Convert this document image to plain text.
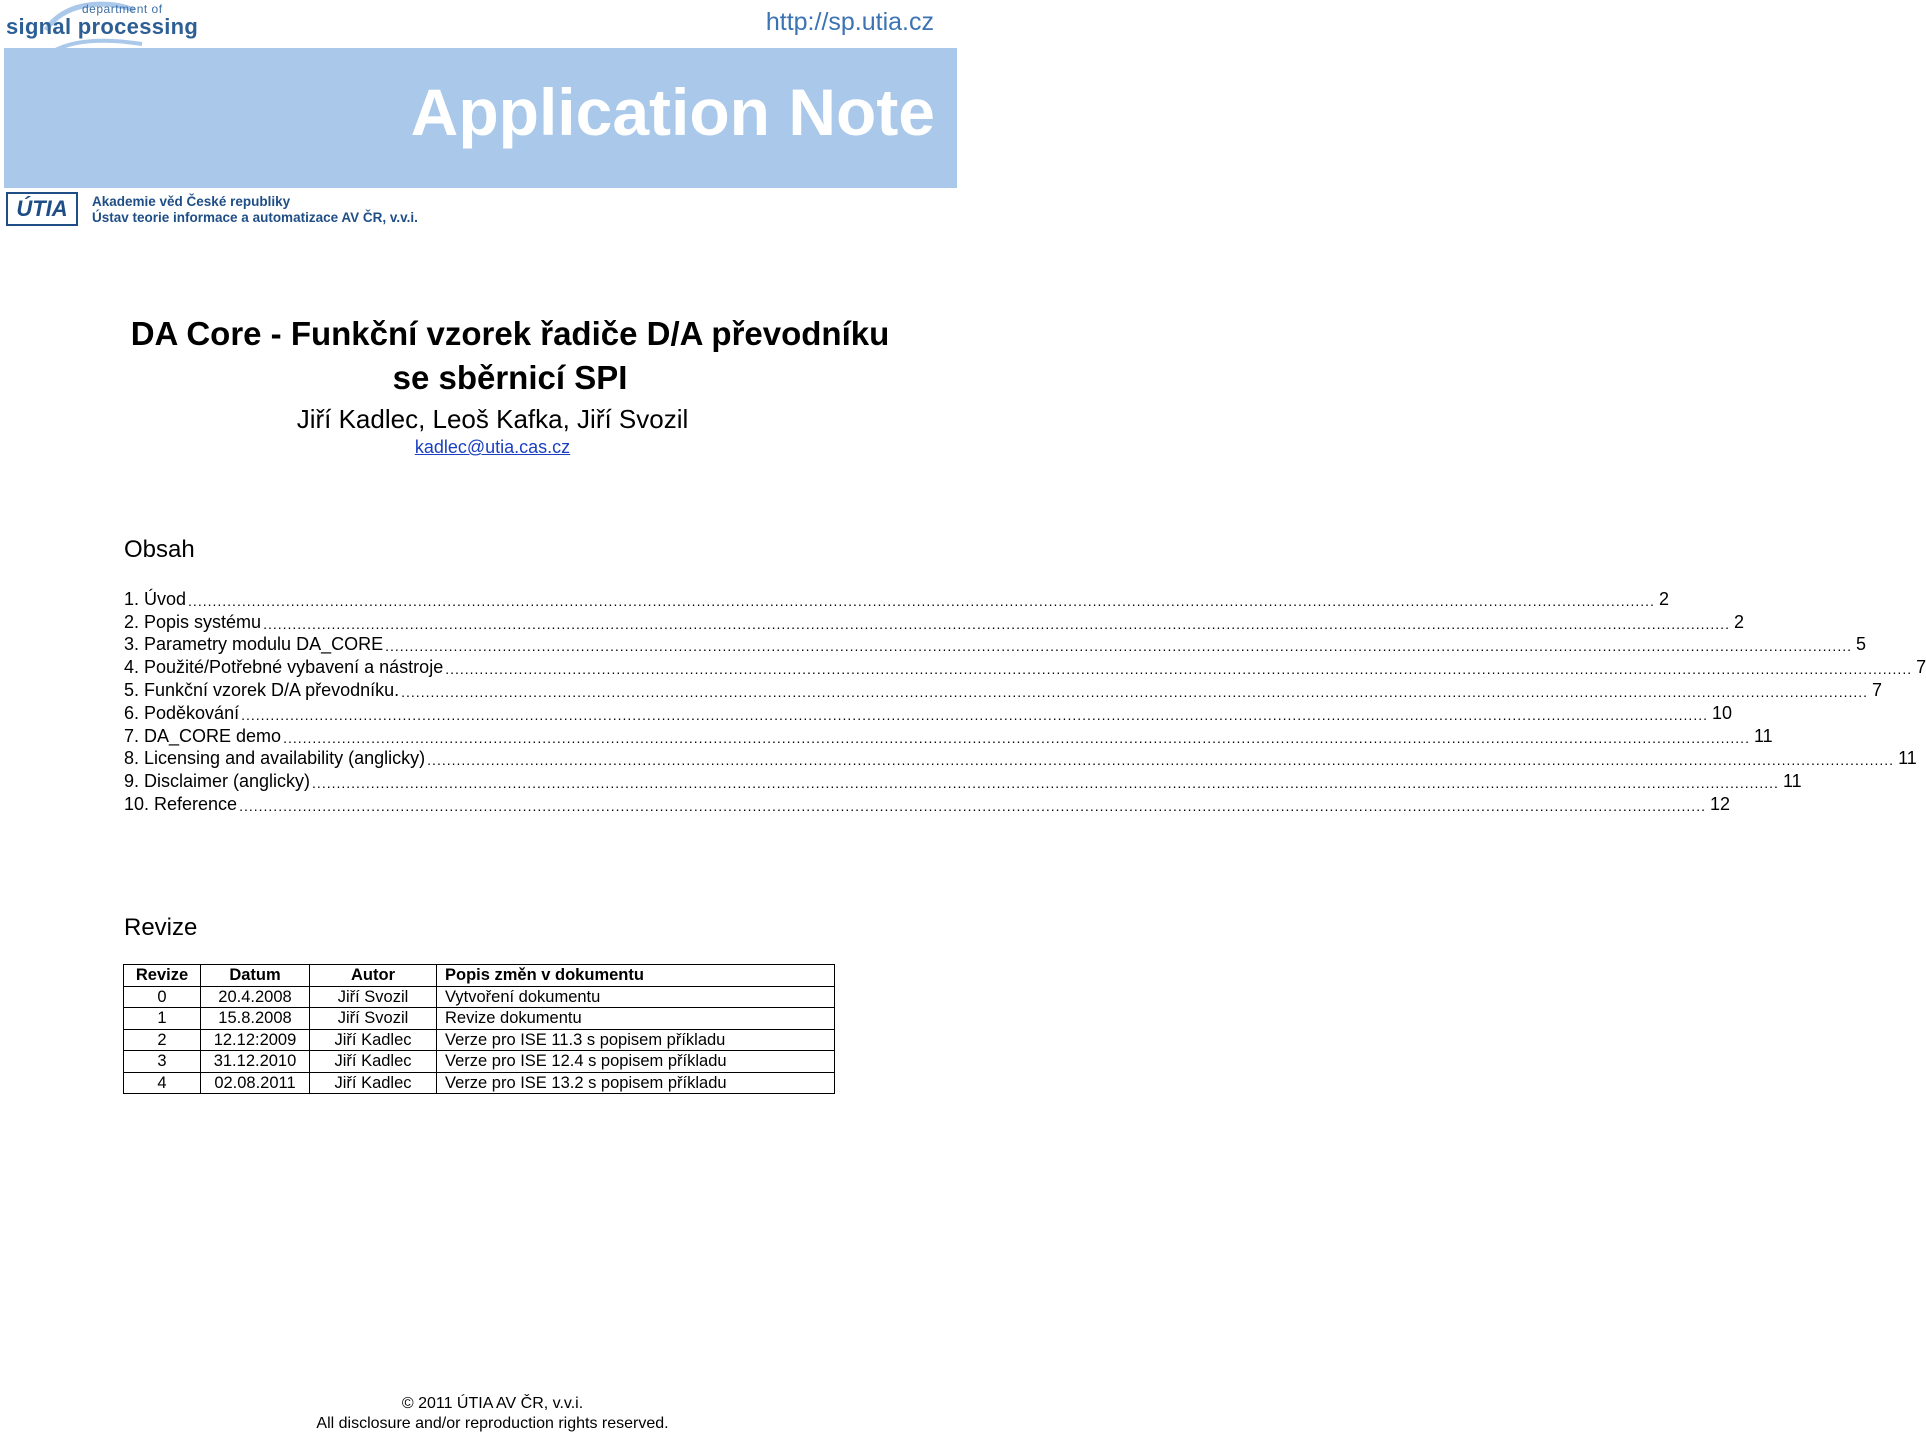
department of
signal processing	http://sp.utia.cz
Application Note
ÚTIA	Akademie věd České republiky
Ústav teorie informace a automatizace AV ČR, v.v.i.
DA Core - Funkční vzorek řadiče D/A převodníku
se sběrnicí SPI
Jiří Kadlec, Leoš Kafka, Jiří Svozil
kadlec@utia.cas.cz
Obsah
1. Úvod ............................................................................................................................................................................................................................................................................................................ 2
2. Popis systému ............................................................................................................................................................................................................................................................................................................ 2
3. Parametry modulu DA_CORE ............................................................................................................................................................................................................................................................................................................ 5
4. Použité/Potřebné vybavení a nástroje ............................................................................................................................................................................................................................................................................................................ 7
5. Funkční vzorek D/A převodníku. ............................................................................................................................................................................................................................................................................................................ 7
6. Poděkování ............................................................................................................................................................................................................................................................................................................ 10
7. DA_CORE demo ............................................................................................................................................................................................................................................................................................................ 11
8. Licensing and availability (anglicky) ............................................................................................................................................................................................................................................................................................................ 11
9. Disclaimer (anglicky) ............................................................................................................................................................................................................................................................................................................ 11
10. Reference ............................................................................................................................................................................................................................................................................................................ 12
Revize
Revize	Datum	Autor	Popis změn v dokumentu
0	20.4.2008	Jiří Svozil	Vytvoření dokumentu
1	15.8.2008	Jiří Svozil	Revize dokumentu
2	12.12:2009	Jiří Kadlec	Verze pro ISE 11.3 s popisem příkladu
3	31.12.2010	Jiří Kadlec	Verze pro ISE 12.4 s popisem příkladu
4	02.08.2011	Jiří Kadlec	Verze pro ISE 13.2 s popisem příkladu
© 2011 ÚTIA AV ČR, v.v.i.
All disclosure and/or reproduction rights reserved.
